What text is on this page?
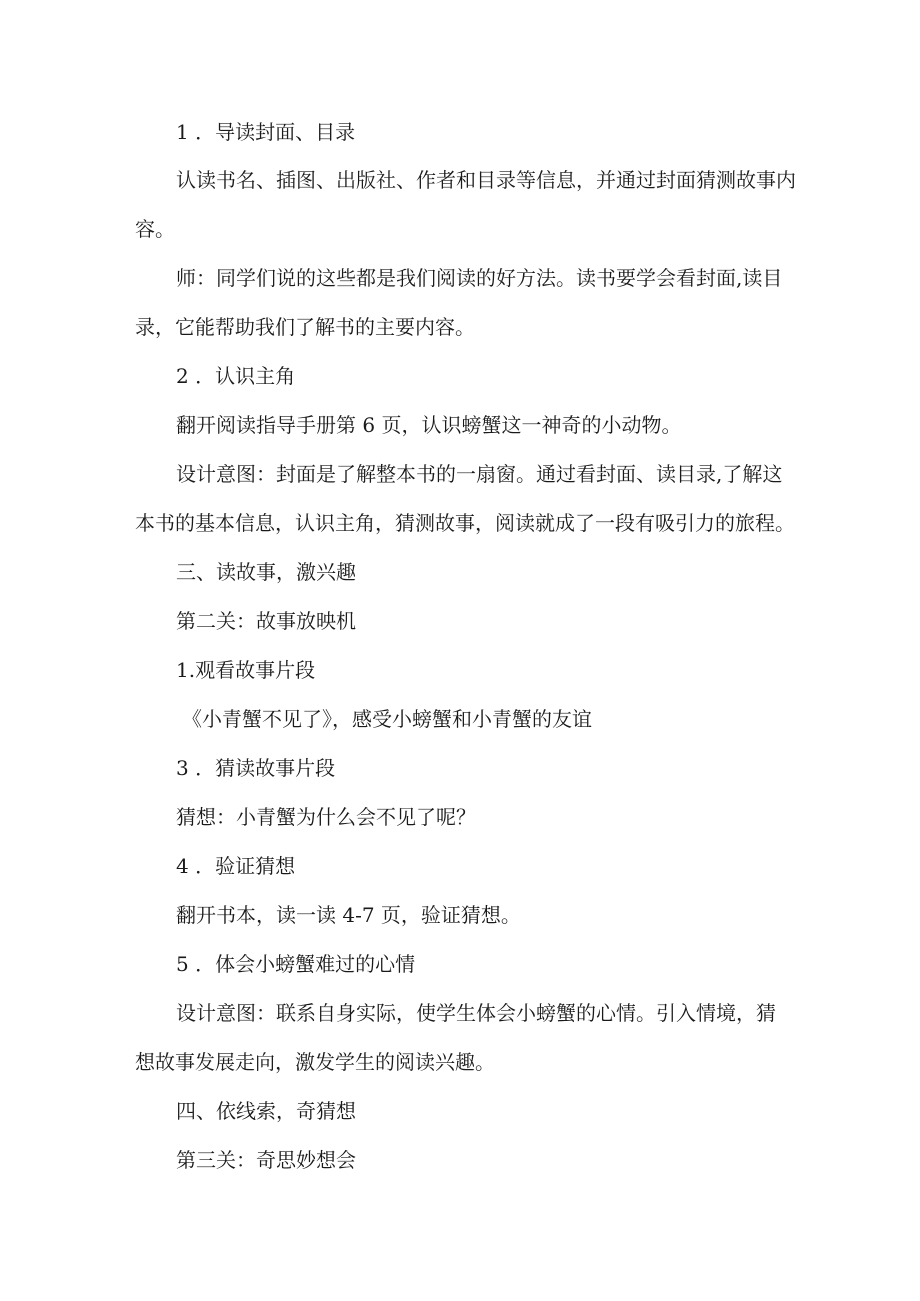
1 ．导读封面、目录
认读书名、插图、出版社、作者和目录等信息，并通过封面猜测故事内
容。
师：同学们说的这些都是我们阅读的好方法。读书要学会看封面,读目
录，它能帮助我们了解书的主要内容。
2 ．认识主角
翻开阅读指导手册第 6 页，认识螃蟹这一神奇的小动物。
设计意图：封面是了解整本书的一扇窗。通过看封面、读目录,了解这
本书的基本信息，认识主角，猜测故事，阅读就成了一段有吸引力的旅程。
三、读故事，激兴趣
第二关：故事放映机
1.观看故事片段
《小青蟹不见了》，感受小螃蟹和小青蟹的友谊
3 ．猜读故事片段
猜想：小青蟹为什么会不见了呢？
4 ．验证猜想
翻开书本，读一读 4-7 页，验证猜想。
5 ．体会小螃蟹难过的心情
设计意图：联系自身实际，使学生体会小螃蟹的心情。引入情境，猜
想故事发展走向，激发学生的阅读兴趣。
四、依线索，奇猜想
第三关：奇思妙想会
